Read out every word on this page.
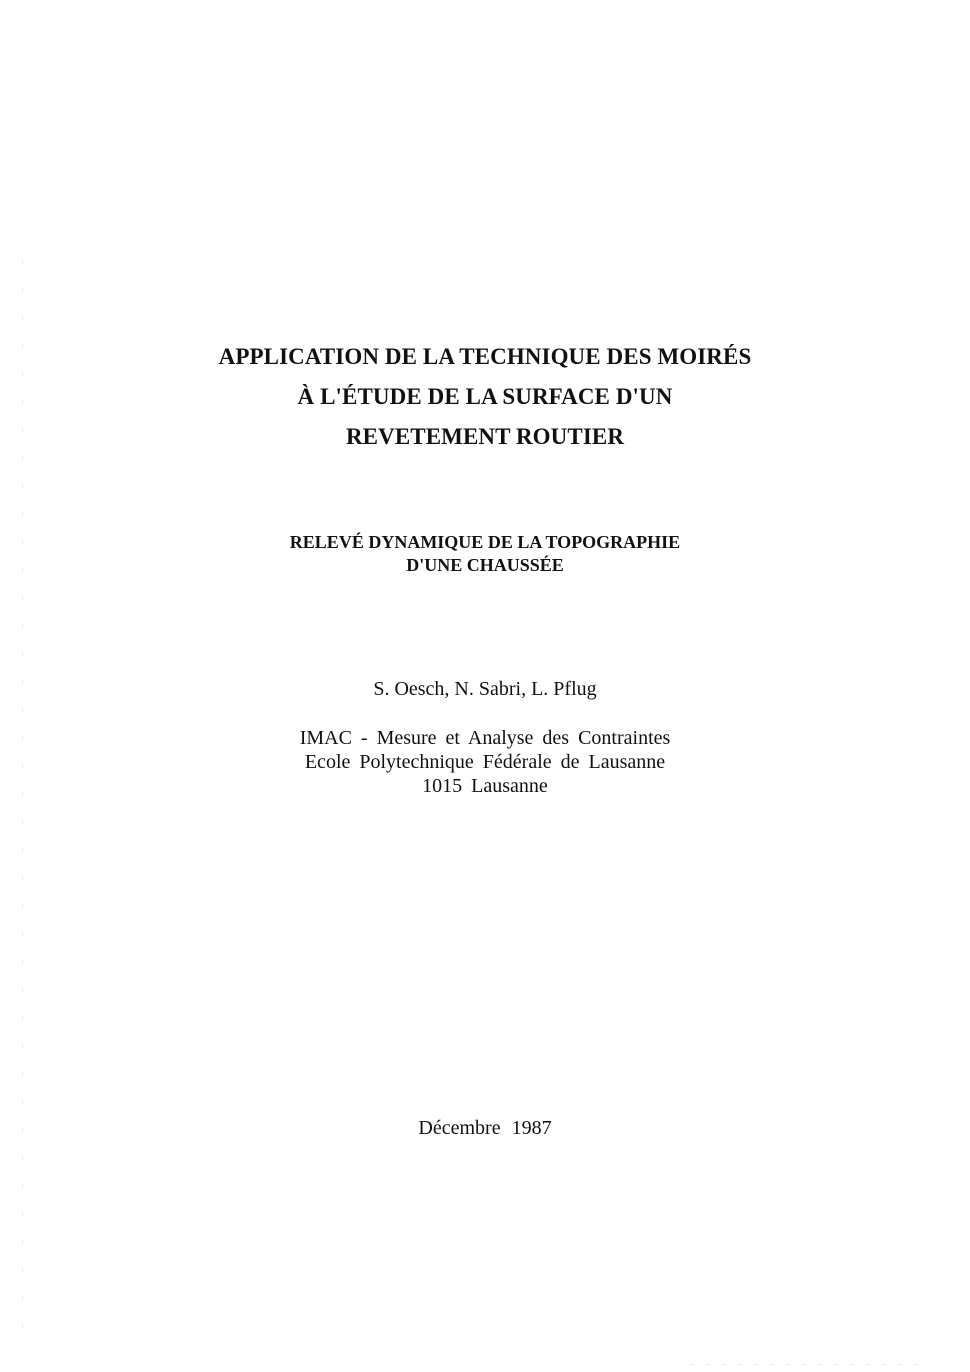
APPLICATION DE LA TECHNIQUE DES MOIRÉS
À L'ÉTUDE DE LA SURFACE D'UN
REVETEMENT ROUTIER
RELEVÉ DYNAMIQUE DE LA TOPOGRAPHIE
D'UNE CHAUSSÉE
S. Oesch, N. Sabri, L. Pflug
IMAC - Mesure et Analyse des Contraintes
Ecole Polytechnique Fédérale de Lausanne
1015 Lausanne
Décembre 1987
